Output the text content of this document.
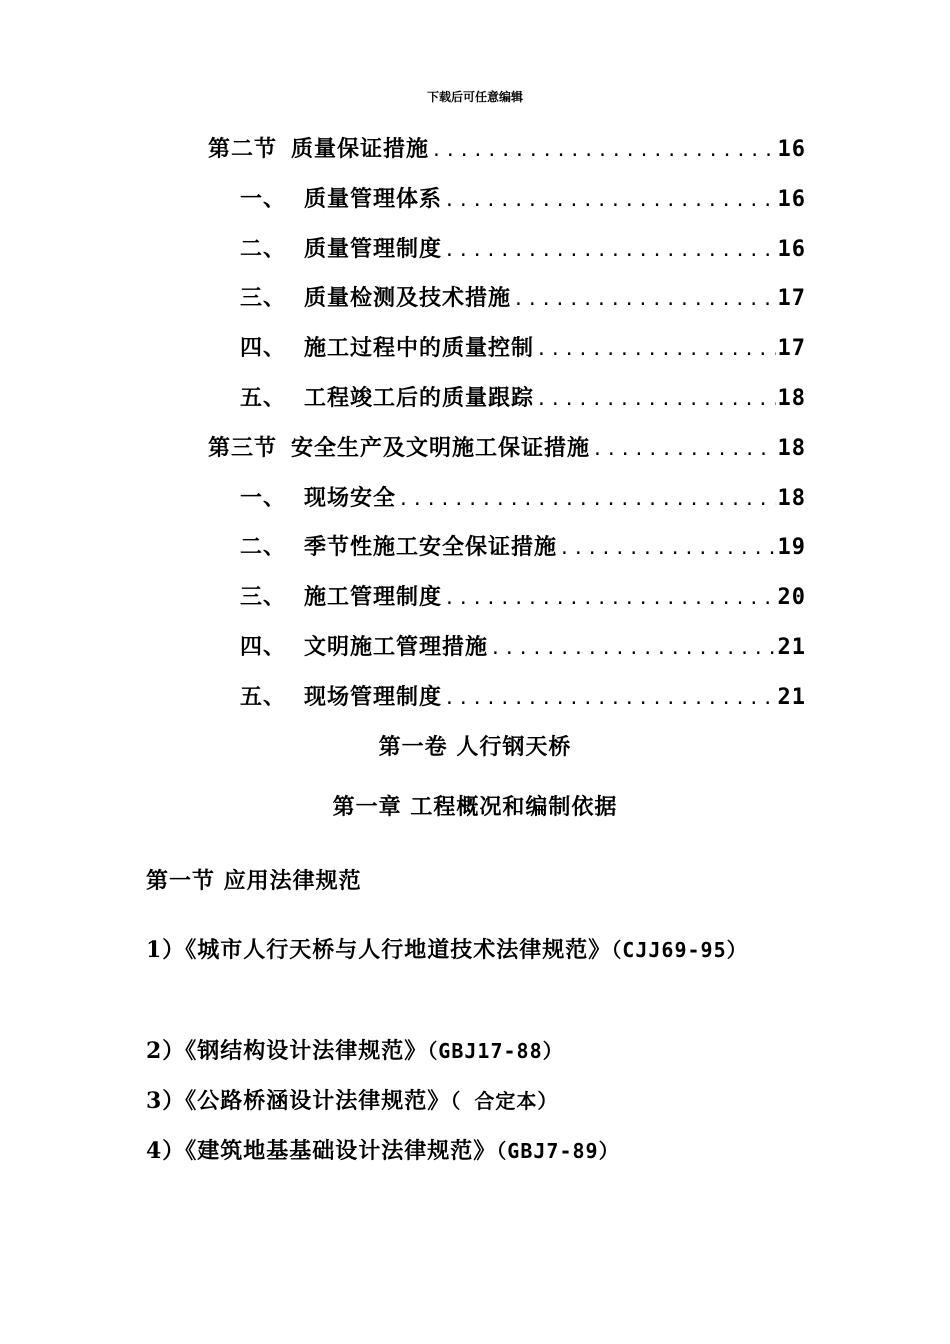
下载后可任意编辑
第二节 质量保证措施 .....	16
一、 质量管理体系 .....	16
二、 质量管理制度 .....	16
三、 质量检测及技术措施 .....	17
四、 施工过程中的质量控制 .....	17
五、 工程竣工后的质量跟踪 .....	18
第三节 安全生产及文明施工保证措施 .....	18
一、 现场安全 .....	18
二、 季节性施工安全保证措施 .....	19
三、 施工管理制度 .....	20
四、 文明施工管理措施 .....	21
五、 现场管理制度 .....	21
第一卷 人行钢天桥
第一章 工程概况和编制依据
第一节 应用法律规范
1）《城市人行天桥与人行地道技术法律规范》（CJJ69-95）
2）《钢结构设计法律规范》（GBJ17-88）
3）《公路桥涵设计法律规范》（ 合定本）
4）《建筑地基基础设计法律规范》（GBJ7-89）
